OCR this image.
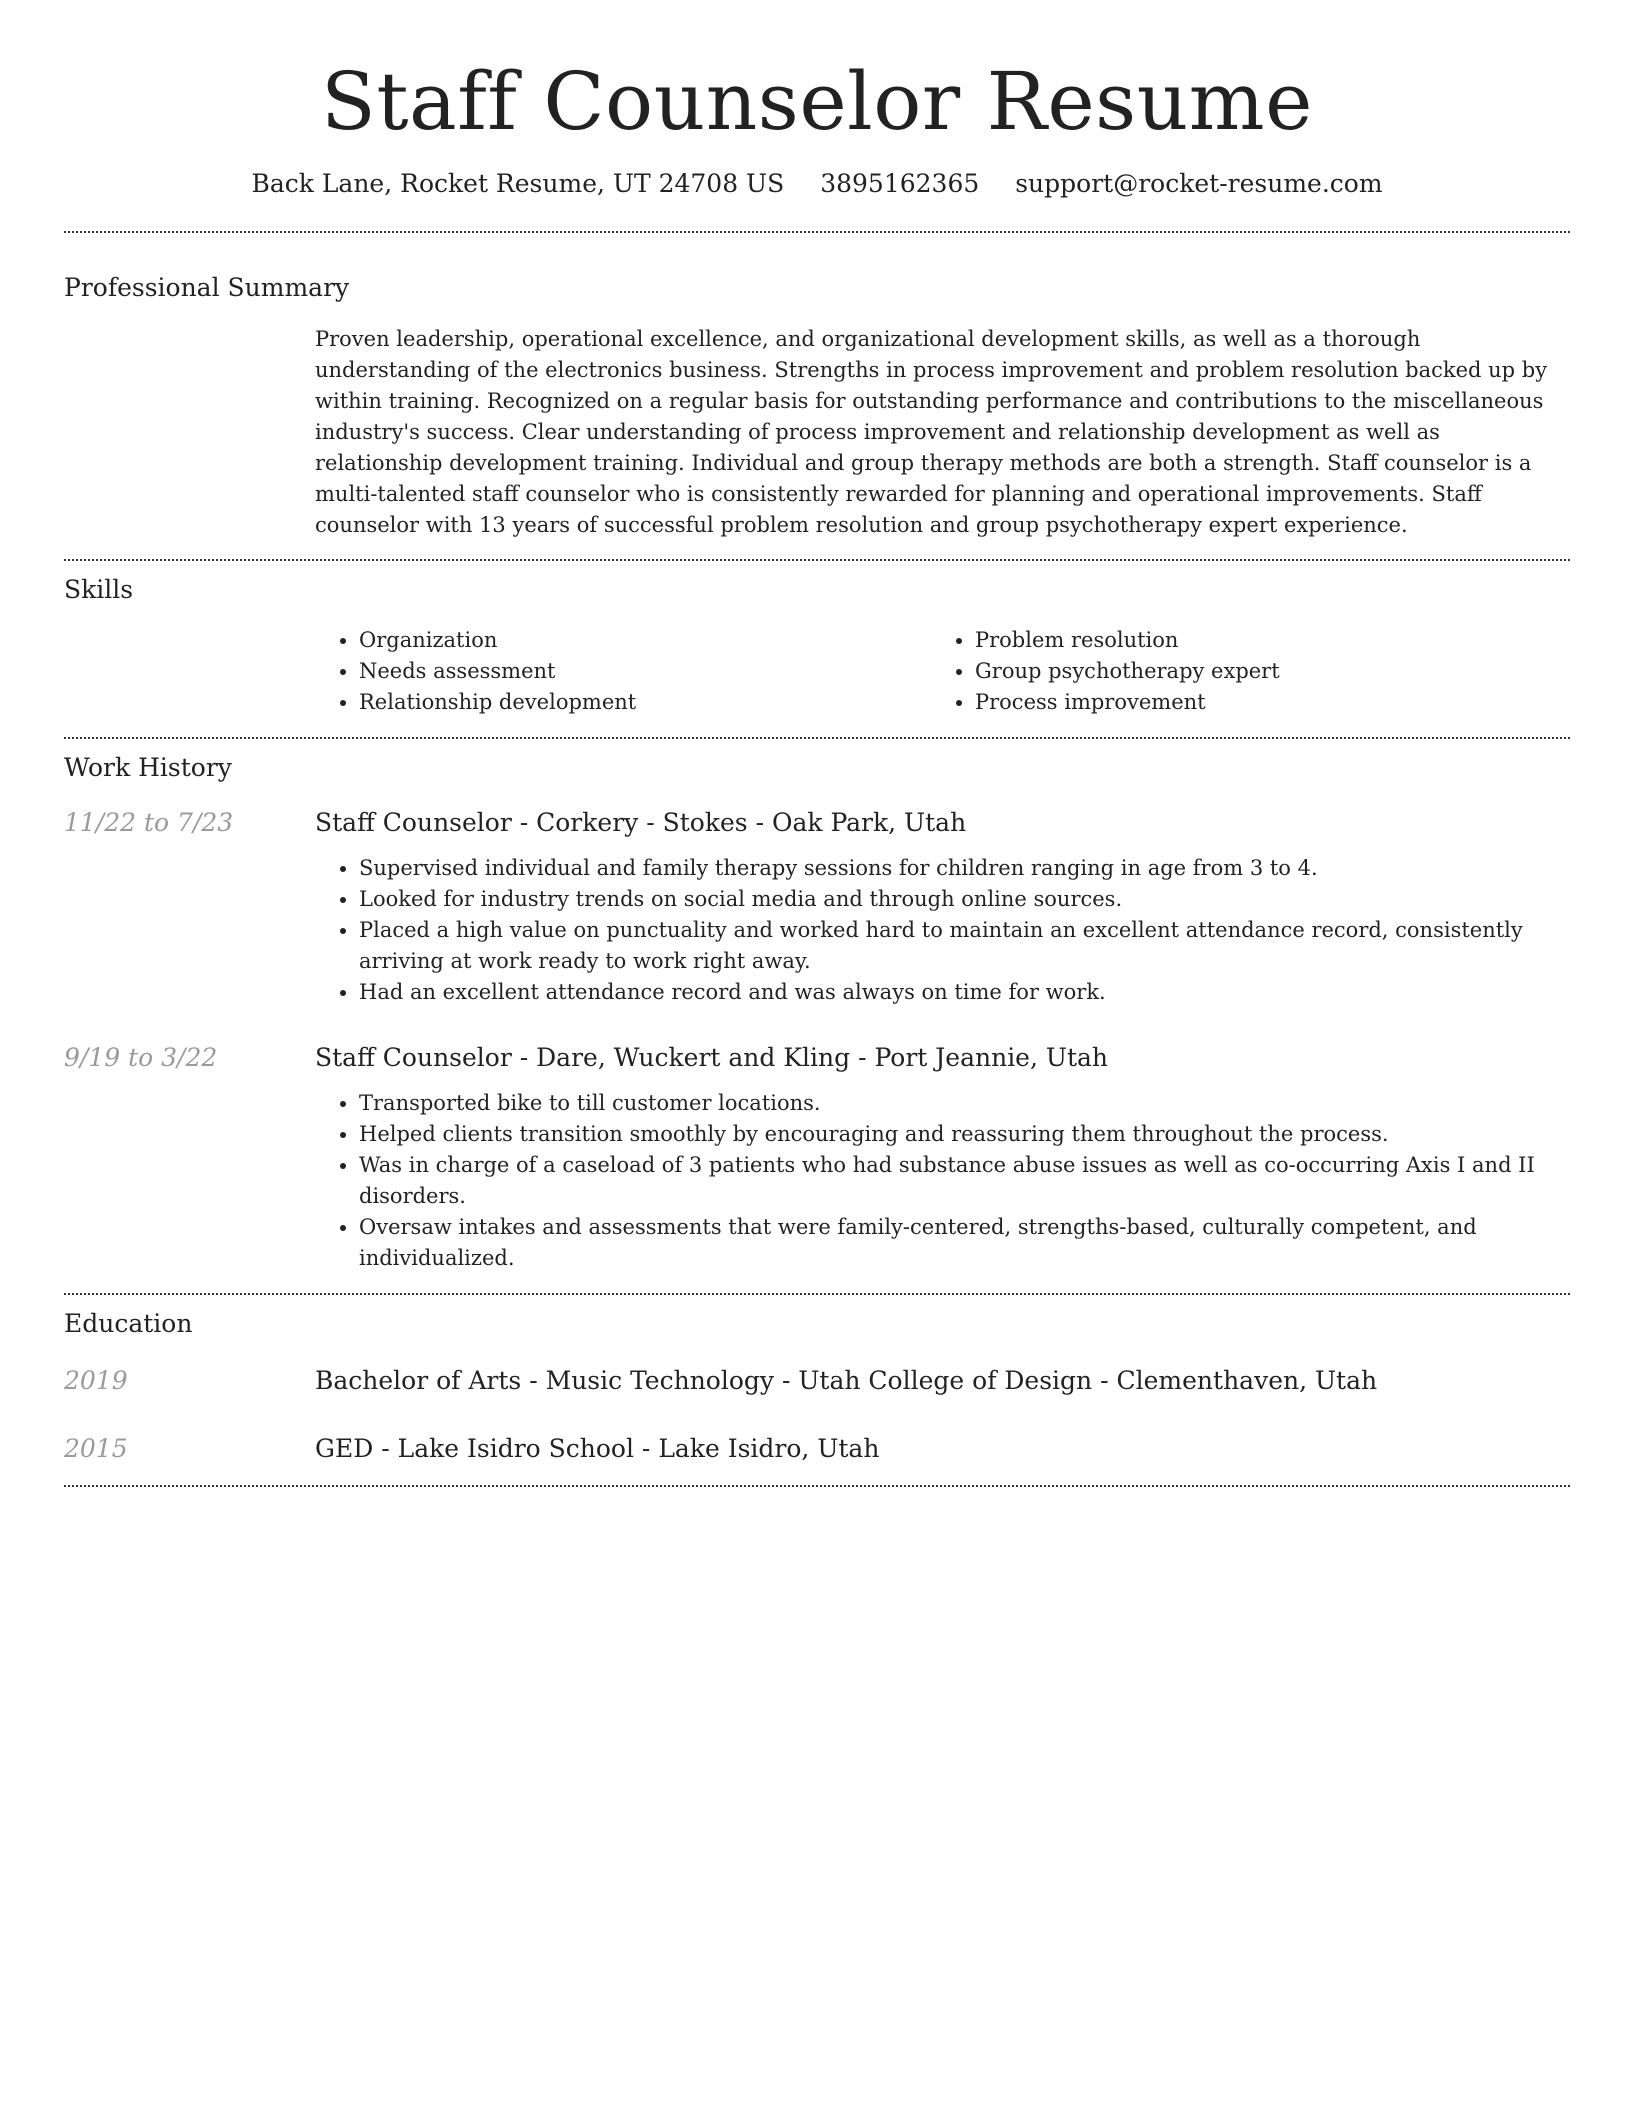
Staff Counselor Resume
Back Lane, Rocket Resume, UT 24708 US 3895162365 support@rocket-resume.com
Professional Summary

Proven leadership, operational excellence, and organizational development skills, as well as a thorough understanding of the electronics business. Strengths in process improvement and problem resolution backed up by within training. Recognized on a regular basis for outstanding performance and contributions to the miscellaneous industry's success. Clear understanding of process improvement and relationship development as well as relationship development training. Individual and group therapy methods are both a strength. Staff counselor is a multi-talented staff counselor who is consistently rewarded for planning and operational improvements. Staff counselor with 13 years of successful problem resolution and group psychotherapy expert experience.

Skills
• Organization
• Needs assessment
• Relationship development
• Problem resolution
• Group psychotherapy expert
• Process improvement
Work History
11/22 to 7/23	Staff Counselor - Corkery - Stokes - Oak Park, Utah
• Supervised individual and family therapy sessions for children ranging in age from 3 to 4.
• Looked for industry trends on social media and through online sources.
• Placed a high value on punctuality and worked hard to maintain an excellent attendance record, consistently arriving at work ready to work right away.
• Had an excellent attendance record and was always on time for work.
9/19 to 3/22	Staff Counselor - Dare, Wuckert and Kling - Port Jeannie, Utah
• Transported bike to till customer locations.
• Helped clients transition smoothly by encouraging and reassuring them throughout the process.
• Was in charge of a caseload of 3 patients who had substance abuse issues as well as co-occurring Axis I and II disorders.
• Oversaw intakes and assessments that were family-centered, strengths-based, culturally competent, and individualized.
Education
2019	Bachelor of Arts - Music Technology - Utah College of Design - Clementhaven, Utah
2015	GED - Lake Isidro School - Lake Isidro, Utah
